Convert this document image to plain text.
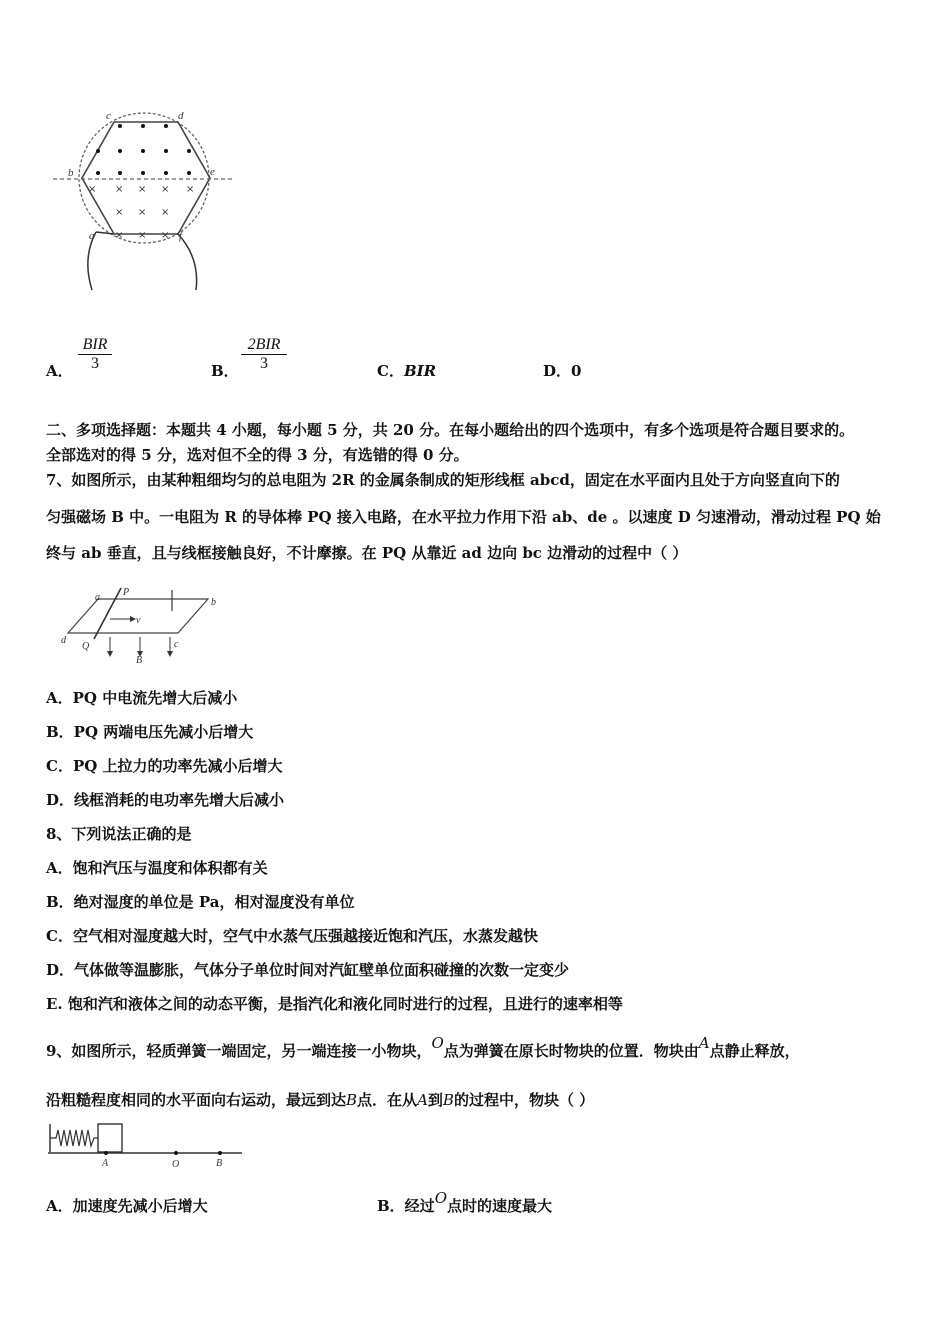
× × × × ×
× × ×
× × ×
a
b
c	d
e
f
A．
BIR
3	B．
2BIR
3	C．BIR	D．0
二、多项选择题：本题共 4 小题，每小题 5 分，共 20 分。在每小题给出的四个选项中，有多个选项是符合题目要求的。
全部选对的得 5 分，选对但不全的得 3 分，有选错的得 0 分。
7、如图所示，由某种粗细均匀的总电阻为 2R 的金属条制成的矩形线框 abcd，固定在水平面内且处于方向竖直向下的
匀强磁场 B 中。一电阻为 R 的导体棒 PQ 接入电路，在水平拉力作用下沿 ab、de 。以速度 D 匀速滑动，滑动过程 PQ 始
终与 ab 垂直，且与线框接触良好，不计摩擦。在 PQ 从靠近 ad 边向 bc 边滑动的过程中（ ）
a	b
c
d
P
Q
v
B
A．PQ 中电流先增大后减小
B．PQ 两端电压先减小后增大
C．PQ 上拉力的功率先减小后增大
D．线框消耗的电功率先增大后减小
8、下列说法正确的是
A．饱和汽压与温度和体积都有关
B．绝对湿度的单位是 Pa，相对湿度没有单位
C．空气相对湿度越大时，空气中水蒸气压强越接近饱和汽压，水蒸发越快
D．气体做等温膨胀，气体分子单位时间对汽缸壁单位面积碰撞的次数一定变少
E. 饱和汽和液体之间的动态平衡，是指汽化和液化同时进行的过程，且进行的速率相等
9、如图所示，轻质弹簧一端固定，另一端连接一小物块，O点为弹簧在原长时物块的位置．物块由A点静止释放，
沿粗糙程度相同的水平面向右运动，最远到达B点．在从A到B的过程中，物块（ ）
A	O	B
A．加速度先减小后增大	B．经过O点时的速度最大
